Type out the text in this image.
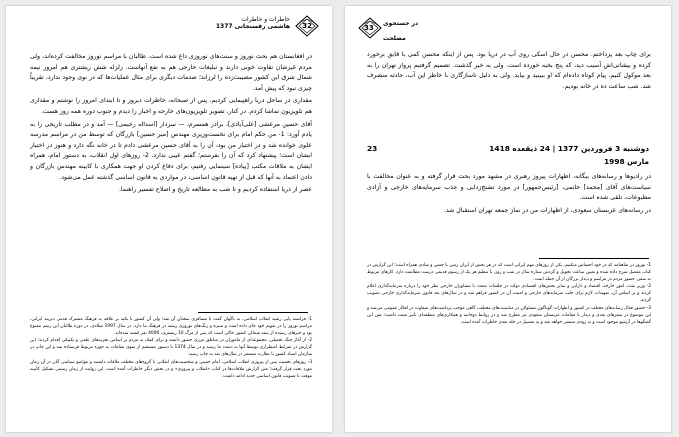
خاطرات و خاطرات
هاشمی رفسنجانی 1377 32

در افغانستان هم بحث نوروز و سنت‌های نوروزی داغ شده است. طالبان با مراسم نوروز مخالفت کرده‌اند، ولی مردم غیرشان تفاوت خوبی دارند و تبلیغات خارجی هم به نفع آنهاست. زلزله شش ریشتری هم امروز نیمه شمال شرق این کشور مصیبت‌زده را لرزاند؛ صدمات دیگری برای مثال عملیات‌ها که در نوی وجود ندارد، تقریباً چیزی نبود که پیش آمد.

مقداری در ساحل دریا راهپیمایی کردیم. پس از صبحانه، خاطرات دیروز و تا ابتدای امروز را نوشتم و مقداری هم تلویزیون تماشا کردم. در کنار، تصویر تلویزیون‌های خارجه و اخبار را دیدم و جنوب دوره همه روز هست.

آقای حسین مرعشی [علی‌آبادی]، برادر همسرم، — سردار [اسداله رحیمی] — آمد و در مطلب تاریخی را به یادم آورد: 1- من حکم امام برای نخست‌وزیری مهندس [میر حسین] بازرگان که توسط من در مراسم مدرسه علوی خوانده شد و در اختیار من بود، آن را به آقای حسین مرعشی دادم تا در خانه نگه دارد و هنوز در اختیار ایشان است؛ پیشنهاد کرد که آن را بفرستم؛ گفتم عیبی ندارد. 2- روزهای اول انقلاب، به دستور امام، همراه ایشان به ملاقات مکتب [پیاده] سینمایی رفتیم، برای دفاع کردن او جهت همکاری با کابینه مهندس بازرگان و دادن اعتماد به آنها که قبل از تهیه قانون اساسی، در مواردی به قانون اساسی گذشته عمل می‌شود.

عصر از دریا استفاده کردیم و تا شب به مطالعه تاریخ و اصلاح تفسیر راهنما.

1- فرانسه پاپی رشید انقلاب اسلامی، به ناگهان گفت با مسافری سخنان آن شد؛ ولی آن کشور با تکیه بر علاقه به فرهنگ مشترک قدمی دیرینه ایرانی، مراسم نوروز را در تقویم خود جای داده است و سبزه و رنگ‌های نوروزی ریشه در فرهنگ ما دارد. در سال 1997 میلادی، در دوره طالبان این رسم ممنوع بود و خبرهای رسیده از نیمه شمالی کشور حاکی است که پس از مرگ 10 ریشتری، 4000 نفر کشته شده‌اند.

2- از آغاز جنگ تحمیلی، مجموعه‌ای از ماموران در مناطق مرزی حضور داشته و برای کمک به مردم بر اساس تجربه‌های علمی و تکنیکی اقدام کردند؛ این گزارش در شرایط اضطراری توسط آنها به دست ما رسید و در سال 1374 با دستور مستقیم از سوی مقامات به حوزه مربوط فرستاده شد و این چاپ در سازمان اسناد کشور با نظارت مستمر در سال‌های بعد به چاپ رسید.

3- روزهای نخست پس از پیروزی انقلاب اسلامی، امام خمینی و شخصیت‌های انقلابی با گروه‌های مختلف ملاقات داشتند و مواضع سیاسی آنان در آن زمان مورد بحث قرار گرفت؛ متن گزارش ملاقات‌ها در کتاب «انقلاب و پیروزی» و در بخش دیگر خاطرات آمده است. این روایت از زمان رسمی تشکیل کابینه موقت تا تصویب قانون اساسی جدید ادامه داشت.

در جستجوی
مصلحت
33
برای چاپ بعد پرداختم. محسن در حال اسکی روی آب در دریا بود. پس از اینکه محسن کمی با قایق برخورد کرده و بیشانی‌اش آسیب دید، که پنج بخیه خورده است. ولی به خیر گذشت. تصمیم گرفتیم پرواز تهران را به بعد موکول کنیم. پیام کوتاه داده‌ام که او ببینید و بیاید. ولی به دلیل ناسازگاری با خاطر این آب، حادثه منصرف شد. شب ساعت ده در خانه بودیم.
دوشنبه 3 فروردین 1377 | 24 ذیقعده 1418
23
مارس 1998

در رادیوها و رسانه‌های بیگانه، اظهارات پیروز رهبری در مشهد مورد بحث قرار گرفته و به عنوان مخالفت با سیاست‌های آقای [محمد] خاتمی، [رئیس‌جمهور] در مورد تشنج‌زدایی و جذب سرمایه‌های خارجی و آزادی مطبوعات، تلقی شده است.

در رسانه‌های عربستان سعودی، از اظهارات من در نماز جمعه تهران استقبال شد.

1- نوروز در شاهنامه که در خود احساس میکنیم، یکی از روزهای مهم ایرانی است که در هر بخش از ایران زمین با جشن و شادی همراه است؛ این گزارش در کتاب مفصل شرح داده شده و تعیین ساعت تحویل و گردش ستاره سال در شب و روز، با تنظیم هر یک از رسوم قدیمی درست مطابقت دارد. کارهای مربوط به سفر، حضور مردم در مراسم و دیدار بزرگان از آن جمله است.

2- وزیر نفت، امور خارجه، اقتصاد و دارایی و سایر بخش‌های اقتصادی دولت در جلسات متعدد با مشاوران خارجی نظر خود را درباره سرمایه‌گذاری اعلام کردند و بر اساس آن، تمهیدات لازم برای جلب سرمایه‌های خارجی و امنیت آن در کشور فراهم شد و در سال‌های بعد قانون سرمایه‌گذاری خارجی تصویب گردید.

3- حضور فعال رسانه‌های مختلف در کشور و اظهارات گوناگون مسئولان در مناسبت‌های مختلف، گاهی موجب برداشت‌های متفاوت در افکار عمومی می‌شد و این موضوع در سفرهای بعدی و دیدار با مقامات عربستان سعودی نیز مطرح شد و در روابط دوجانبه و همکاری‌های منطقه‌ای تأثیر مثبت داشت؛ متن این گفتگوها در آرشیو موجود است و به زودی منتشر خواهد شد و به تفصیل در جلد بعدی خاطرات آمده است.
